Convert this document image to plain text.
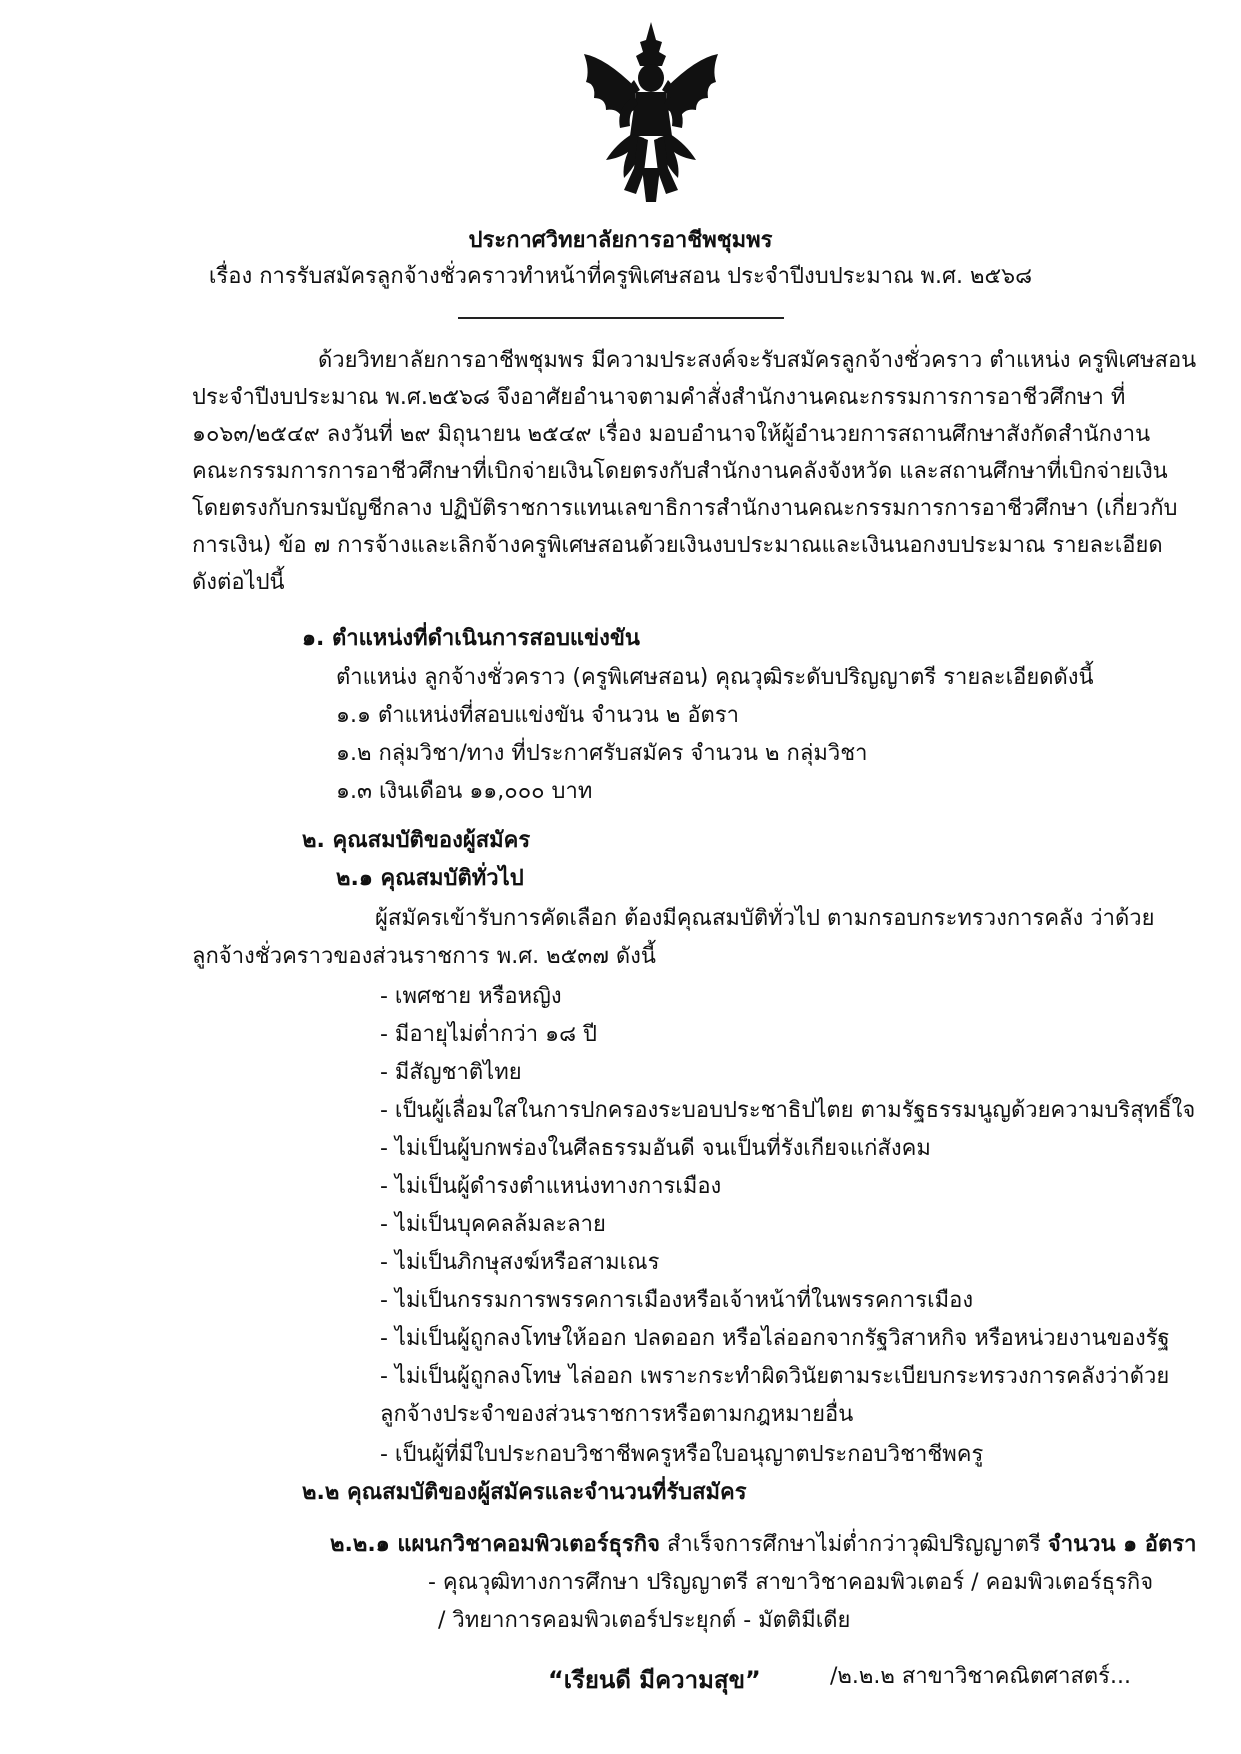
ประกาศวิทยาลัยการอาชีพชุมพร
เรื่อง การรับสมัครลูกจ้างชั่วคราวทำหน้าที่ครูพิเศษสอน ประจำปีงบประมาณ พ.ศ. ๒๕๖๘
ด้วยวิทยาลัยการอาชีพชุมพร มีความประสงค์จะรับสมัครลูกจ้างชั่วคราว ตำแหน่ง ครูพิเศษสอน
ประจำปีงบประมาณ พ.ศ.๒๕๖๘ จึงอาศัยอำนาจตามคำสั่งสำนักงานคณะกรรมการการอาชีวศึกษา ที่
๑๐๖๓/๒๕๔๙ ลงวันที่ ๒๙ มิถุนายน ๒๕๔๙ เรื่อง มอบอำนาจให้ผู้อำนวยการสถานศึกษาสังกัดสำนักงาน
คณะกรรมการการอาชีวศึกษาที่เบิกจ่ายเงินโดยตรงกับสำนักงานคลังจังหวัด และสถานศึกษาที่เบิกจ่ายเงิน
โดยตรงกับกรมบัญชีกลาง ปฏิบัติราชการแทนเลขาธิการสำนักงานคณะกรรมการการอาชีวศึกษา (เกี่ยวกับ
การเงิน) ข้อ ๗ การจ้างและเลิกจ้างครูพิเศษสอนด้วยเงินงบประมาณและเงินนอกงบประมาณ รายละเอียด
ดังต่อไปนี้
๑. ตำแหน่งที่ดำเนินการสอบแข่งขัน
ตำแหน่ง ลูกจ้างชั่วคราว (ครูพิเศษสอน) คุณวุฒิระดับปริญญาตรี รายละเอียดดังนี้
๑.๑ ตำแหน่งที่สอบแข่งขัน จำนวน ๒ อัตรา
๑.๒ กลุ่มวิชา/ทาง ที่ประกาศรับสมัคร จำนวน ๒ กลุ่มวิชา
๑.๓ เงินเดือน ๑๑,๐๐๐ บาท
๒. คุณสมบัติของผู้สมัคร
๒.๑ คุณสมบัติทั่วไป
ผู้สมัครเข้ารับการคัดเลือก ต้องมีคุณสมบัติทั่วไป ตามกรอบกระทรวงการคลัง ว่าด้วย
ลูกจ้างชั่วคราวของส่วนราชการ พ.ศ. ๒๕๓๗ ดังนี้
- เพศชาย หรือหญิง
- มีอายุไม่ต่ำกว่า ๑๘ ปี
- มีสัญชาติไทย
- เป็นผู้เลื่อมใสในการปกครองระบอบประชาธิปไตย ตามรัฐธรรมนูญด้วยความบริสุทธิ์ใจ
- ไม่เป็นผู้บกพร่องในศีลธรรมอันดี จนเป็นที่รังเกียจแก่สังคม
- ไม่เป็นผู้ดำรงตำแหน่งทางการเมือง
- ไม่เป็นบุคคลล้มละลาย
- ไม่เป็นภิกษุสงฆ์หรือสามเณร
- ไม่เป็นกรรมการพรรคการเมืองหรือเจ้าหน้าที่ในพรรคการเมือง
- ไม่เป็นผู้ถูกลงโทษให้ออก ปลดออก หรือไล่ออกจากรัฐวิสาหกิจ หรือหน่วยงานของรัฐ
- ไม่เป็นผู้ถูกลงโทษ ไล่ออก เพราะกระทำผิดวินัยตามระเบียบกระทรวงการคลังว่าด้วย
ลูกจ้างประจำของส่วนราชการหรือตามกฎหมายอื่น
- เป็นผู้ที่มีใบประกอบวิชาชีพครูหรือใบอนุญาตประกอบวิชาชีพครู
๒.๒ คุณสมบัติของผู้สมัครและจำนวนที่รับสมัคร
๒.๒.๑ แผนกวิชาคอมพิวเตอร์ธุรกิจ สำเร็จการศึกษาไม่ต่ำกว่าวุฒิปริญญาตรี จำนวน ๑ อัตรา
- คุณวุฒิทางการศึกษา ปริญญาตรี สาขาวิชาคอมพิวเตอร์ / คอมพิวเตอร์ธุรกิจ
/ วิทยาการคอมพิวเตอร์ประยุกต์ - มัตติมีเดีย
“เรียนดี มีความสุข”	/๒.๒.๒ สาขาวิชาคณิตศาสตร์...
